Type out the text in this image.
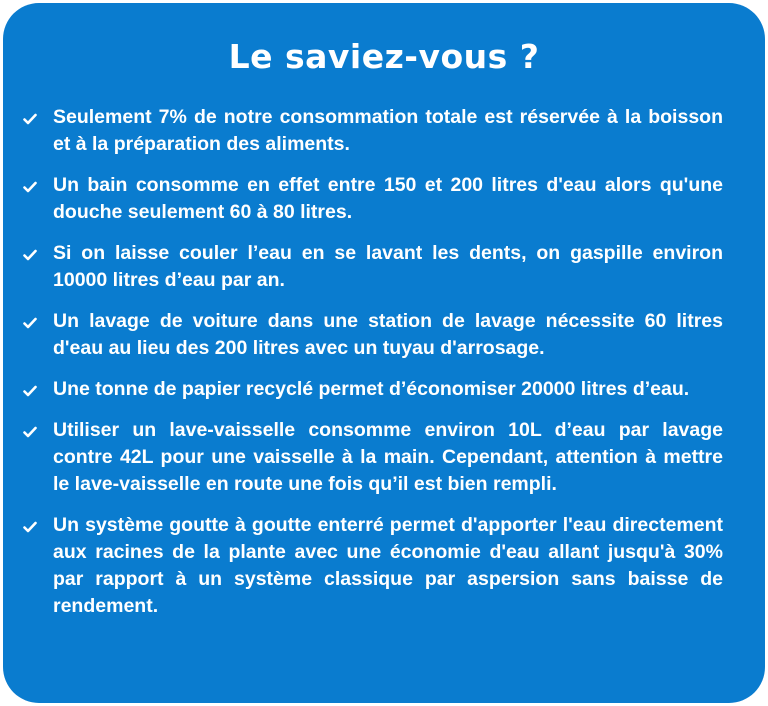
Le saviez-vous ?
Seulement 7% de notre consommation totale est réservée à la boisson et à la préparation des aliments.
Un bain consomme en effet entre 150 et 200 litres d'eau alors qu'une douche seulement 60 à 80 litres.
Si on laisse couler l’eau en se lavant les dents, on gaspille environ 10000 litres d’eau par an.
Un lavage de voiture dans une station de lavage nécessite 60 litres d'eau au lieu des 200 litres avec un tuyau d'arrosage.
Une tonne de papier recyclé permet d’économiser 20000 litres d’eau.
Utiliser un lave-vaisselle consomme environ 10L d’eau par lavage contre 42L pour une vaisselle à la main. Cependant, attention à mettre le lave-vaisselle en route une fois qu’il est bien rempli.
Un système goutte à goutte enterré permet d'apporter l'eau directement aux racines de la plante avec une économie d'eau allant jusqu'à 30% par rapport à un système classique par aspersion sans baisse de rendement.
